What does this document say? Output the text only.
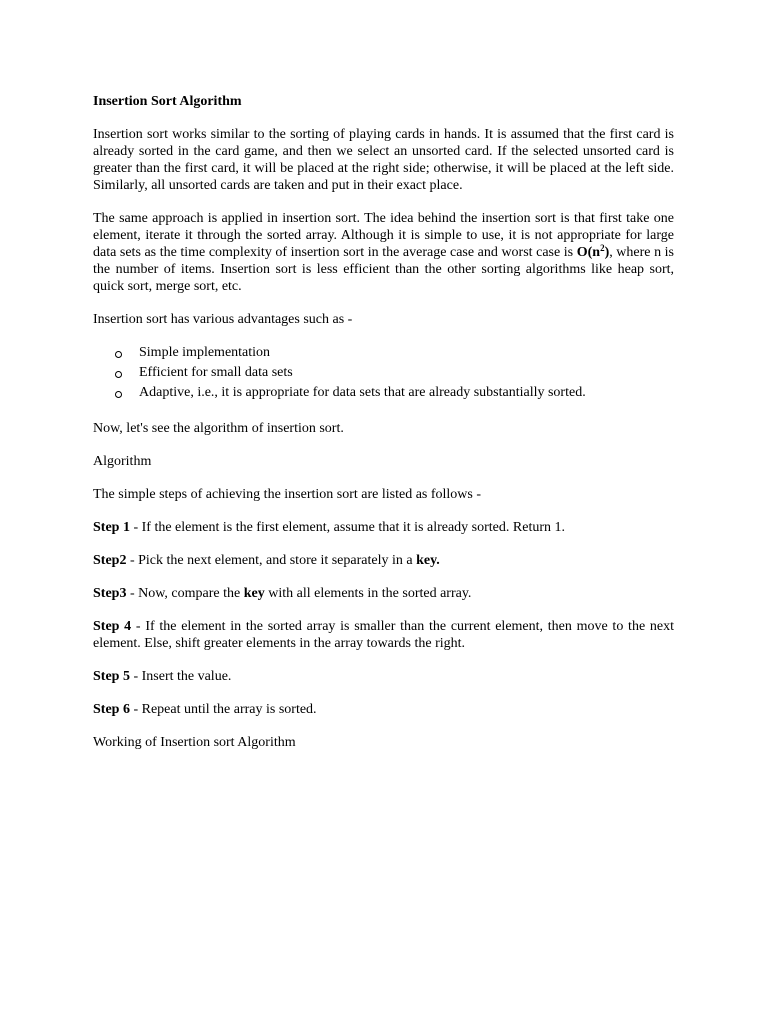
Insertion Sort Algorithm

Insertion sort works similar to the sorting of playing cards in hands. It is assumed that the first card is already sorted in the card game, and then we select an unsorted card. If the selected unsorted card is greater than the first card, it will be placed at the right side; otherwise, it will be placed at the left side. Similarly, all unsorted cards are taken and put in their exact place.

The same approach is applied in insertion sort. The idea behind the insertion sort is that first take one element, iterate it through the sorted array. Although it is simple to use, it is not appropriate for large data sets as the time complexity of insertion sort in the average case and worst case is $O(n^2)$, where n is the number of items. Insertion sort is less efficient than the other sorting algorithms like heap sort, quick sort, merge sort, etc.

Insertion sort has various advantages such as -

Simple implementation
Efficient for small data sets
Adaptive, i.e., it is appropriate for data sets that are already substantially sorted.

Now, let's see the algorithm of insertion sort.

Algorithm

The simple steps of achieving the insertion sort are listed as follows -

Step 1 - If the element is the first element, assume that it is already sorted. Return 1.

Step2 - Pick the next element, and store it separately in a key.

Step3 - Now, compare the key with all elements in the sorted array.

Step 4 - If the element in the sorted array is smaller than the current element, then move to the next element. Else, shift greater elements in the array towards the right.

Step 5 - Insert the value.

Step 6 - Repeat until the array is sorted.

Working of Insertion sort Algorithm
